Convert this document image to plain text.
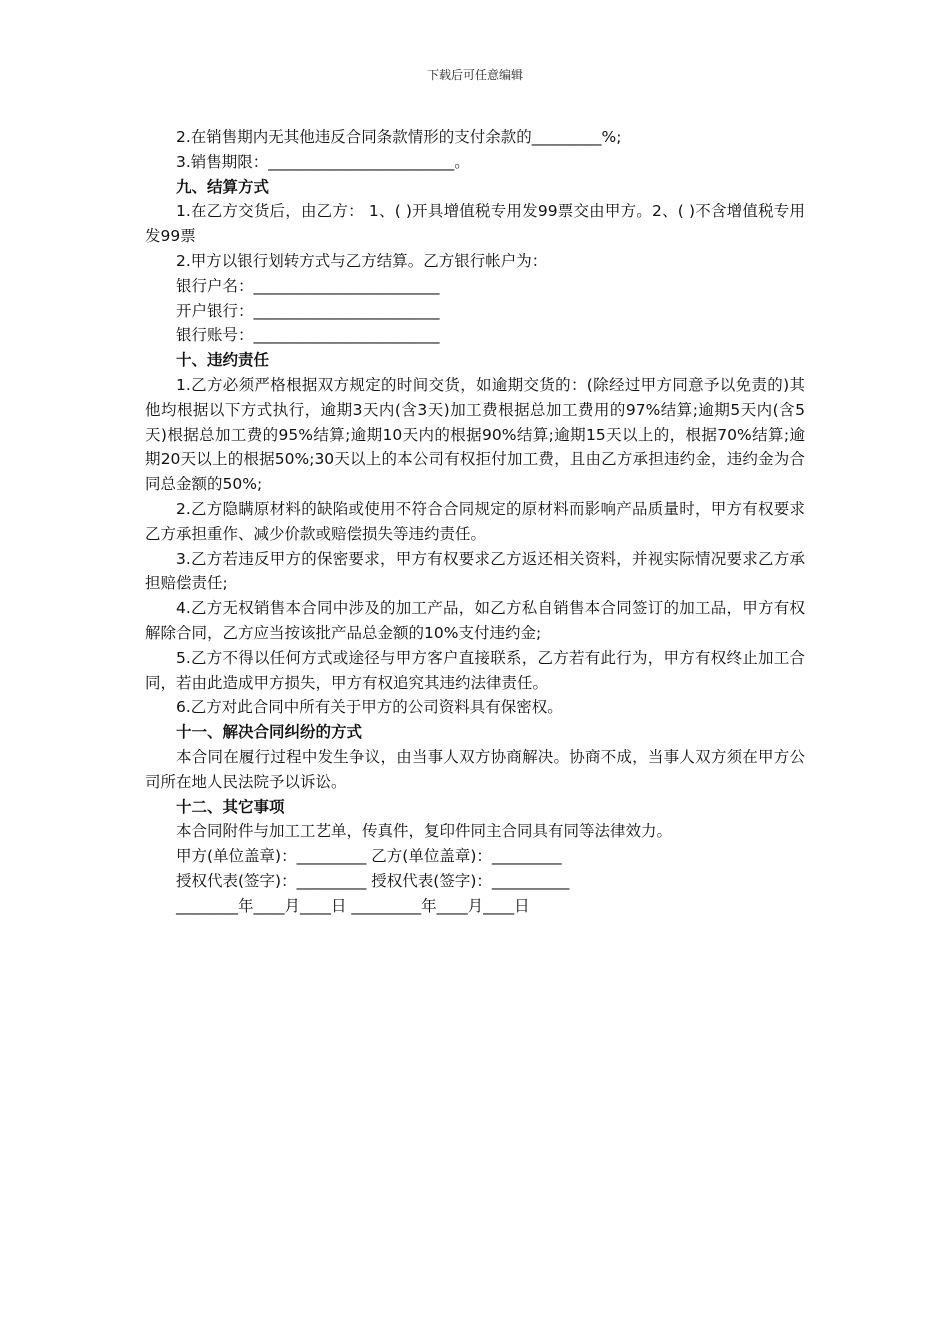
下载后可任意编辑

2.在销售期内无其他违反合同条款情形的支付余款的_________%;

3.销售期限：________________________。

九、结算方式

1.在乙方交货后，由乙方： 1、( )开具增值税专用发99票交由甲方。2、( )不含增值税专用发99票

2.甲方以银行划转方式与乙方结算。乙方银行帐户为：

银行户名：________________________

开户银行：________________________

银行账号：________________________

十、违约责任

1.乙方必须严格根据双方规定的时间交货，如逾期交货的：(除经过甲方同意予以免责的)其他均根据以下方式执行，逾期3天内(含3天)加工费根据总加工费用的97%结算;逾期5天内(含5天)根据总加工费的95%结算;逾期10天内的根据90%结算;逾期15天以上的，根据70%结算;逾期20天以上的根据50%;30天以上的本公司有权拒付加工费，且由乙方承担违约金，违约金为合同总金额的50%;

2.乙方隐瞒原材料的缺陷或使用不符合合同规定的原材料而影响产品质量时，甲方有权要求乙方承担重作、减少价款或赔偿损失等违约责任。

3.乙方若违反甲方的保密要求，甲方有权要求乙方返还相关资料，并视实际情况要求乙方承担赔偿责任;

4.乙方无权销售本合同中涉及的加工产品，如乙方私自销售本合同签订的加工品，甲方有权解除合同，乙方应当按该批产品总金额的10%支付违约金;

5.乙方不得以任何方式或途径与甲方客户直接联系，乙方若有此行为，甲方有权终止加工合同，若由此造成甲方损失，甲方有权追究其违约法律责任。

6.乙方对此合同中所有关于甲方的公司资料具有保密权。

十一、解决合同纠纷的方式

本合同在履行过程中发生争议，由当事人双方协商解决。协商不成，当事人双方须在甲方公司所在地人民法院予以诉讼。

十二、其它事项

本合同附件与加工工艺单，传真件，复印件同主合同具有同等法律效力。

甲方(单位盖章)：_________ 乙方(单位盖章)：_________

授权代表(签字)：_________ 授权代表(签字)：__________

________年____月____日 _________年____月____日
